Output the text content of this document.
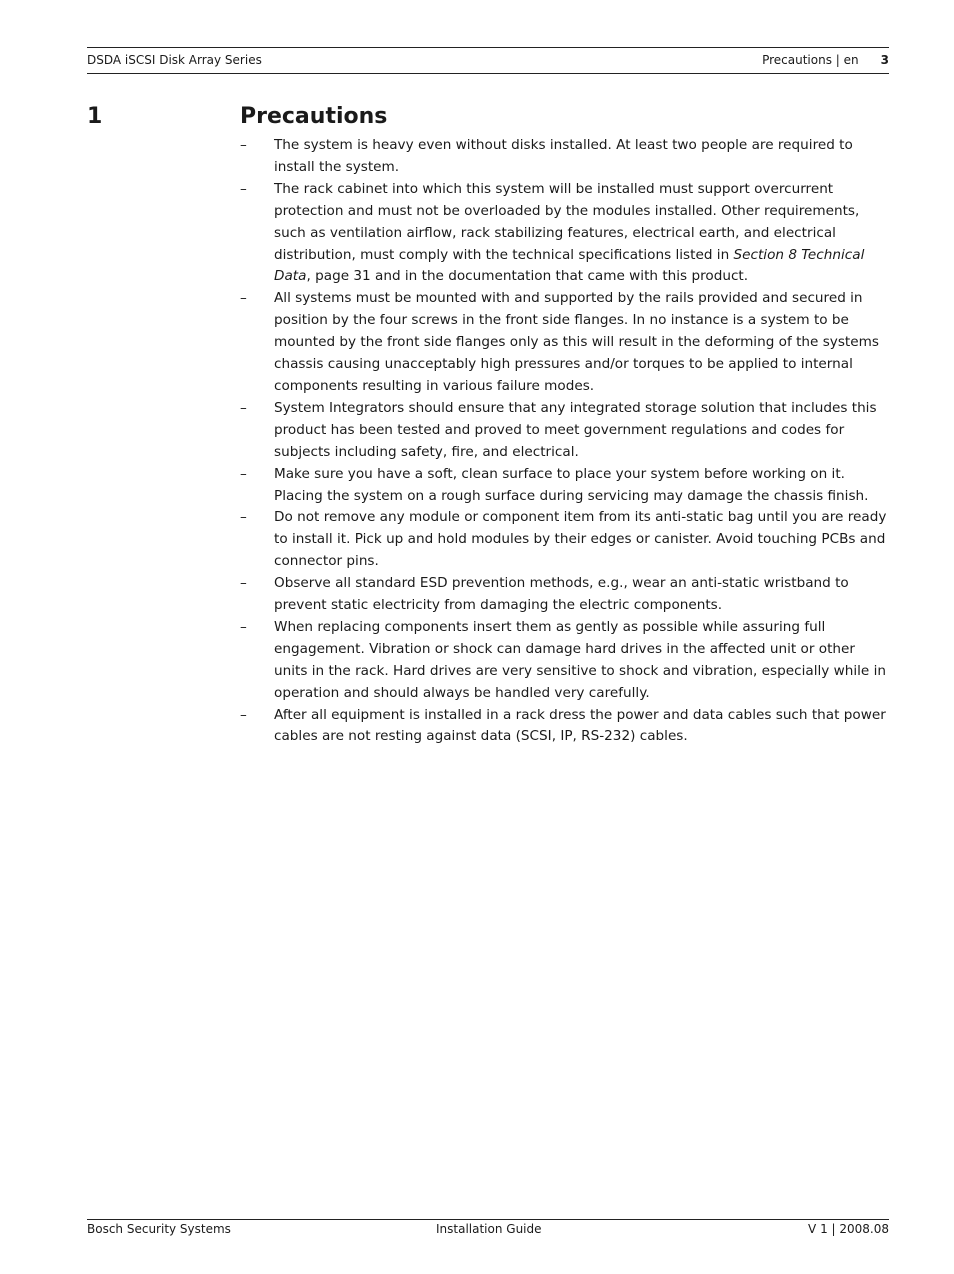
DSDA iSCSI Disk Array Series	Precautions | en 3
1	Precautions
– The system is heavy even without disks installed. At least two people are required to install the system.
– The rack cabinet into which this system will be installed must support overcurrent protection and must not be overloaded by the modules installed. Other requirements, such as ventilation airflow, rack stabilizing features, electrical earth, and electrical distribution, must comply with the technical specifications listed in Section 8 Technical Data, page 31 and in the documentation that came with this product.
– All systems must be mounted with and supported by the rails provided and secured in position by the four screws in the front side flanges. In no instance is a system to be mounted by the front side flanges only as this will result in the deforming of the systems chassis causing unacceptably high pressures and/or torques to be applied to internal components resulting in various failure modes.
– System Integrators should ensure that any integrated storage solution that includes this product has been tested and proved to meet government regulations and codes for subjects including safety, fire, and electrical.
– Make sure you have a soft, clean surface to place your system before working on it. Placing the system on a rough surface during servicing may damage the chassis finish.
– Do not remove any module or component item from its anti-static bag until you are ready to install it. Pick up and hold modules by their edges or canister. Avoid touching PCBs and connector pins.
– Observe all standard ESD prevention methods, e.g., wear an anti-static wristband to prevent static electricity from damaging the electric components.
– When replacing components insert them as gently as possible while assuring full engagement. Vibration or shock can damage hard drives in the affected unit or other units in the rack. Hard drives are very sensitive to shock and vibration, especially while in operation and should always be handled very carefully.
– After all equipment is installed in a rack dress the power and data cables such that power cables are not resting against data (SCSI, IP, RS-232) cables.
Bosch Security Systems	Installation Guide	V 1 | 2008.08
